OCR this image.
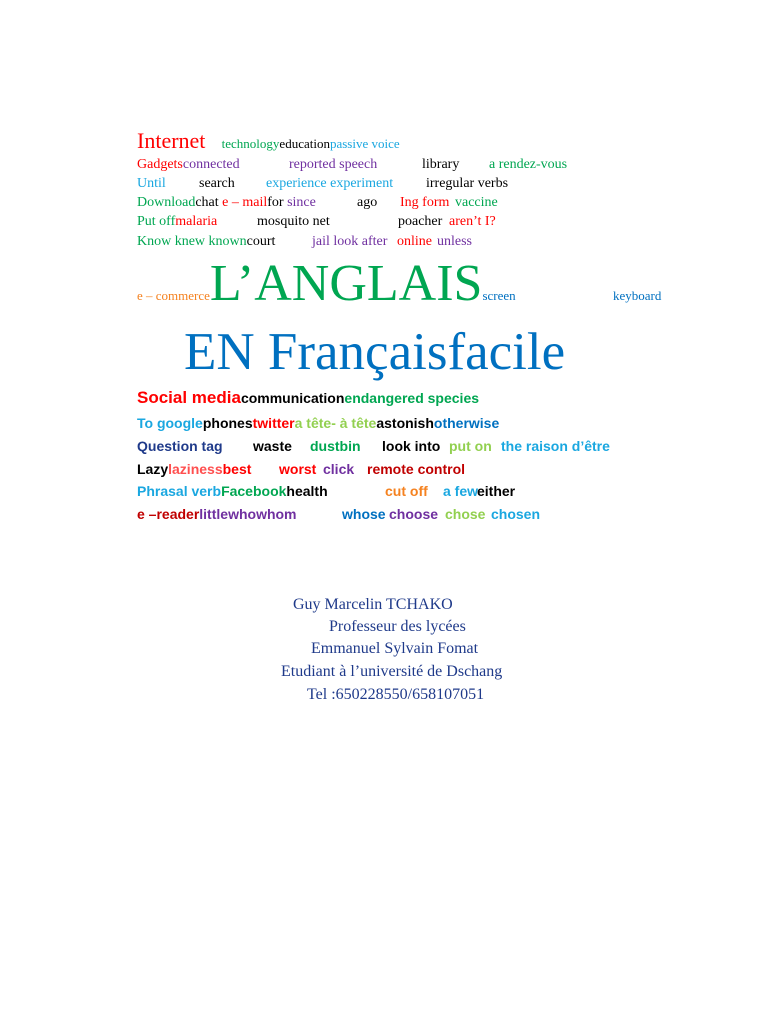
Internet technologyeducationpassive voice
Gadgetsconnected	reported speech	library a rendez-vous
Until search experience experiment irregular verbs
Downloadchat e – mailfor since	ago Ing form vaccine
Put offmalaria	mosquito net	poacher aren’t I?
Know knew knowncourt	jail look after online unless
e – commerceL’ANGLAISscreen	keyboard
EN Françaisfacile
Social mediacommunicationendangered species
To googlephonestwittera tête- à têteastonishotherwise
Question tag waste dustbin look into put on the raison d’être
Lazylazinessbest worst click remote control
Phrasal verbFacebookhealth	cut off a few
either
e –readerlittlewhowhom	whose choose chose chosen
Guy Marcelin TCHAKO
Professeur des lycées
Emmanuel Sylvain Fomat
Etudiant à l’université de Dschang
Tel :650228550/658107051
